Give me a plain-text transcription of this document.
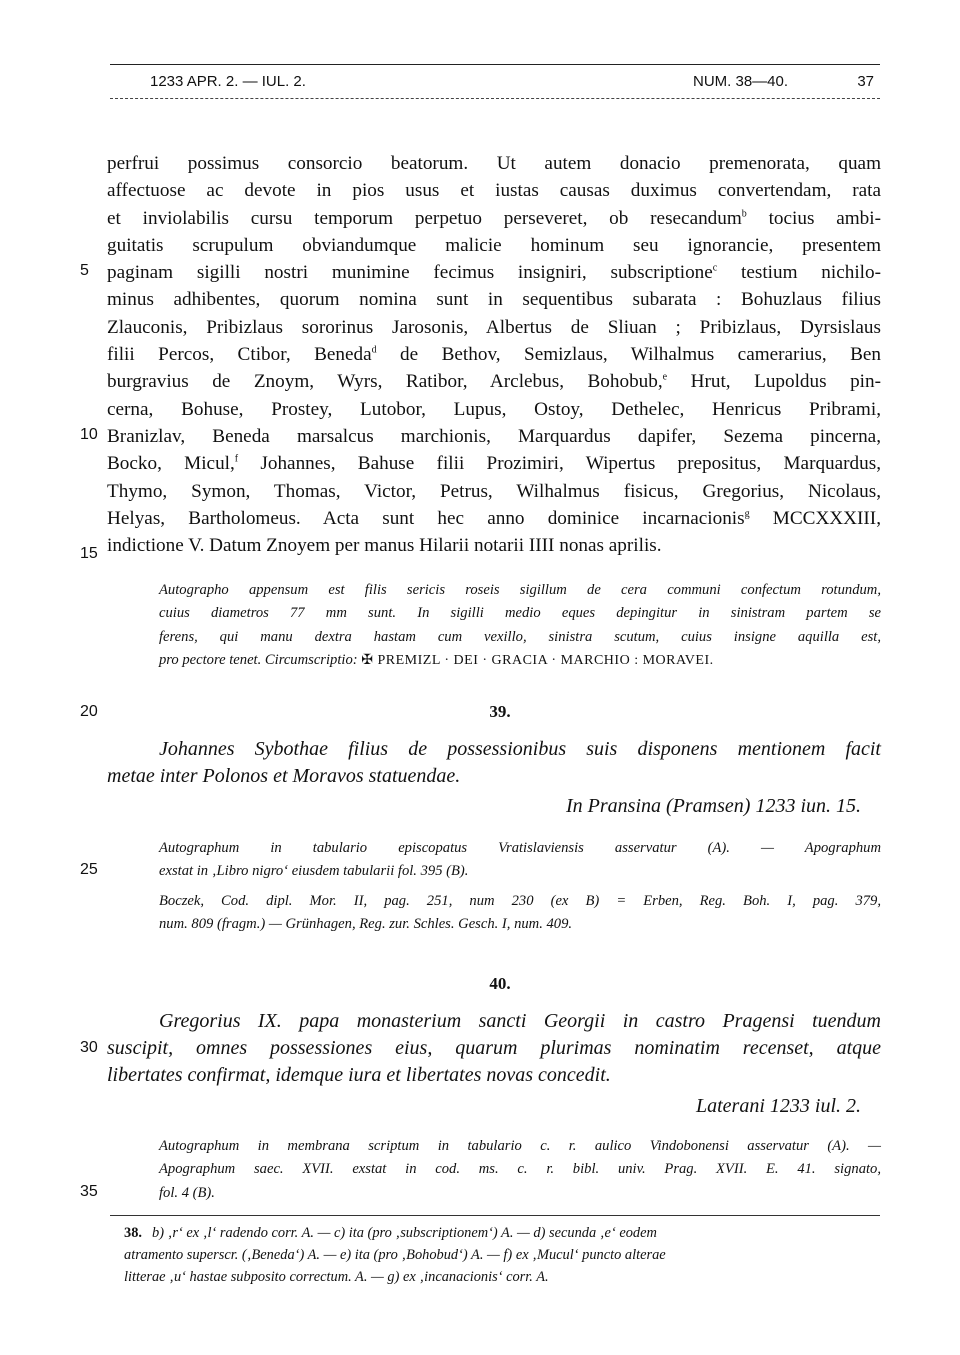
1233 APR. 2. — IUL. 2.	NUM. 38—40.	37
5
10
15
20
25
30
35
perfrui possimus consorcio beatorum. Ut autem donacio premenorata, quam
affectuose ac devote in pios usus et iustas causas duximus convertendam, rata
et inviolabilis cursu temporum perpetuo perseveret, ob resecandum$^b$ tocius ambi-
guitatis scrupulum obviandumque malicie hominum seu ignorancie, presentem
paginam sigilli nostri munimine fecimus insigniri, subscriptione$^c$ testium nichilo-
minus adhibentes, quorum nomina sunt in sequentibus subarata : Bohuzlaus filius
Zlauconis, Pribizlaus sororinus Jarosonis, Albertus de Sliuan ; Pribizlaus, Dyrsislaus
filii Percos, Ctibor, Beneda$^d$ de Bethov, Semizlaus, Wilhalmus camerarius, Ben
burgravius de Znoym, Wyrs, Ratibor, Arclebus, Bohobub,$^e$ Hrut, Lupoldus pin-
cerna, Bohuse, Prostey, Lutobor, Lupus, Ostoy, Dethelec, Henricus Pribrami,
Branizlav, Beneda marsalcus marchionis, Marquardus dapifer, Sezema pincerna,
Bocko, Micul,$^f$ Johannes, Bahuse filii Prozimiri, Wipertus prepositus, Marquardus,
Thymo, Symon, Thomas, Victor, Petrus, Wilhalmus fisicus, Gregorius, Nicolaus,
Helyas, Bartholomeus. Acta sunt hec anno dominice incarnacionis$^g$ MCCXXXIII,
indictione V. Datum Znoyem per manus Hilarii notarii IIII nonas aprilis.
Autographo appensum est filis sericis roseis sigillum de cera communi confectum rotundum,
cuius diametros 77 mm sunt. In sigilli medio eques depingitur in sinistram partem se
ferens, qui manu dextra hastam cum vexillo, sinistra scutum, cuius insigne aquilla est,
pro pectore tenet. Circumscriptio: ✠ PREMIZL · DEI · GRACIA · MARCHIO : MORAVEI.
39.
Johannes Sybothae filius de possessionibus suis disponens mentionem facit
metae inter Polonos et Moravos statuendae.
In Pransina (Pramsen) 1233 iun. 15.
Autographum in tabulario episcopatus Vratislaviensis asservatur (A). — Apographum
exstat in ‚Libro nigro‘ eiusdem tabularii fol. 395 (B).
Boczek, Cod. dipl. Mor. II, pag. 251, num 230 (ex B) = Erben, Reg. Boh. I, pag. 379,
num. 809 (fragm.) — Grünhagen, Reg. zur. Schles. Gesch. I, num. 409.
40.
Gregorius IX. papa monasterium sancti Georgii in castro Pragensi tuendum
suscipit, omnes possessiones eius, quarum plurimas nominatim recenset, atque
libertates confirmat, idemque iura et libertates novas concedit.
Laterani 1233 iul. 2.
Autographum in membrana scriptum in tabulario c. r. aulico Vindobonensi asservatur (A). —
Apographum saec. XVII. exstat in cod. ms. c. r. bibl. univ. Prag. XVII. E. 41. signato,
fol. 4 (B).
38. b) ‚r‘ ex ‚l‘ radendo corr. A. — c) ita (pro ‚subscriptionem‘) A. — d) secunda ‚e‘ eodem
atramento superscr. (‚Beneda‘) A. — e) ita (pro ‚Bohobud‘) A. — f) ex ‚Mucul‘ puncto alterae
litterae ‚u‘ hastae subposito correctum. A. — g) ex ‚incanacionis‘ corr. A.
